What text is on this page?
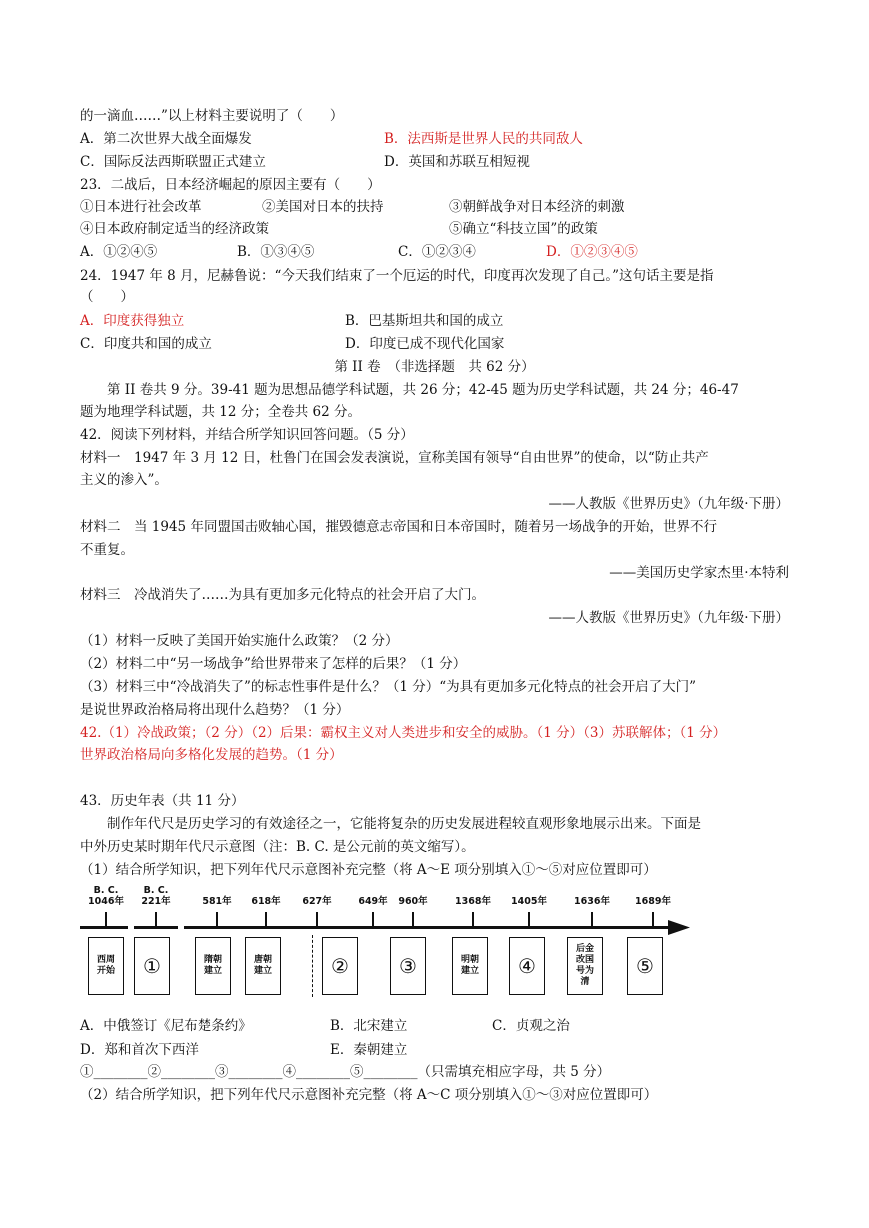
的一滴血……”以上材料主要说明了（　　）
A．第二次世界大战全面爆发	B．法西斯是世界人民的共同敌人
C．国际反法西斯联盟正式建立	D．英国和苏联互相短视
23．二战后，日本经济崛起的原因主要有（　　）
①日本进行社会改革	②美国对日本的扶持	③朝鲜战争对日本经济的刺激
④日本政府制定适当的经济政策	⑤确立“科技立国”的政策
A．①②④⑤	B．①③④⑤	C．①②③④	D．①②③④⑤
24．1947 年 8 月，尼赫鲁说：“今天我们结束了一个厄运的时代，印度再次发现了自己。”这句话主要是指
（　　）
A．印度获得独立	B．巴基斯坦共和国的成立
C．印度共和国的成立	D．印度已成不现代化国家
第 II 卷　（非选择题　共 62 分）
第 II 卷共 9 分。39-41 题为思想品德学科试题，共 26 分；42-45 题为历史学科试题，共 24 分；46-47
题为地理学科试题，共 12 分；全卷共 62 分。
42．阅读下列材料，并结合所学知识回答问题。（5 分）
材料一　1947 年 3 月 12 日，杜鲁门在国会发表演说，宣称美国有领导“自由世界”的使命，以“防止共产
主义的渗入”。
——人教版《世界历史》（九年级·下册）
材料二　当 1945 年同盟国击败轴心国，摧毁德意志帝国和日本帝国时，随着另一场战争的开始，世界不行
不重复。
——美国历史学家杰里·本特利
材料三　冷战消失了……为具有更加多元化特点的社会开启了大门。
——人教版《世界历史》（九年级·下册）
（1）材料一反映了美国开始实施什么政策？（2 分）
（2）材料二中“另一场战争”给世界带来了怎样的后果？（1 分）
（3）材料三中“冷战消失了”的标志性事件是什么？（1 分）“为具有更加多元化特点的社会开启了大门”
是说世界政治格局将出现什么趋势？（1 分）
42.（1）冷战政策；（2 分）（2）后果：霸权主义对人类进步和安全的威胁。（1 分）（3）苏联解体；（1 分）
世界政治格局向多格化发展的趋势。（1 分）
43．历史年表（共 11 分）
制作年代尺是历史学习的有效途径之一，它能将复杂的历史发展进程较直观形象地展示出来。下面是
中外历史某时期年代尺示意图（注：B. C. 是公元前的英文缩写）。
（1）结合所学知识，把下列年代尺示意图补充完整（将 A～E 项分别填入①～⑤对应位置即可）
B. C.
1046年
B. C.
221年	581年	618年	627年	649年	960年	1368年	1405年	1636年	1689年
西周
开始 ①	隋朝
建立
唐朝
建立	②	③	明朝
建立 ④
后金
改国
号为
清
⑤
A．中俄签订《尼布楚条约》	B．北宋建立	C．贞观之治
D．郑和首次下西洋	E．秦朝建立
①________②________③________④________⑤________（只需填充相应字母，共 5 分）
（2）结合所学知识，把下列年代尺示意图补充完整（将 A～C 项分别填入①～③对应位置即可）
